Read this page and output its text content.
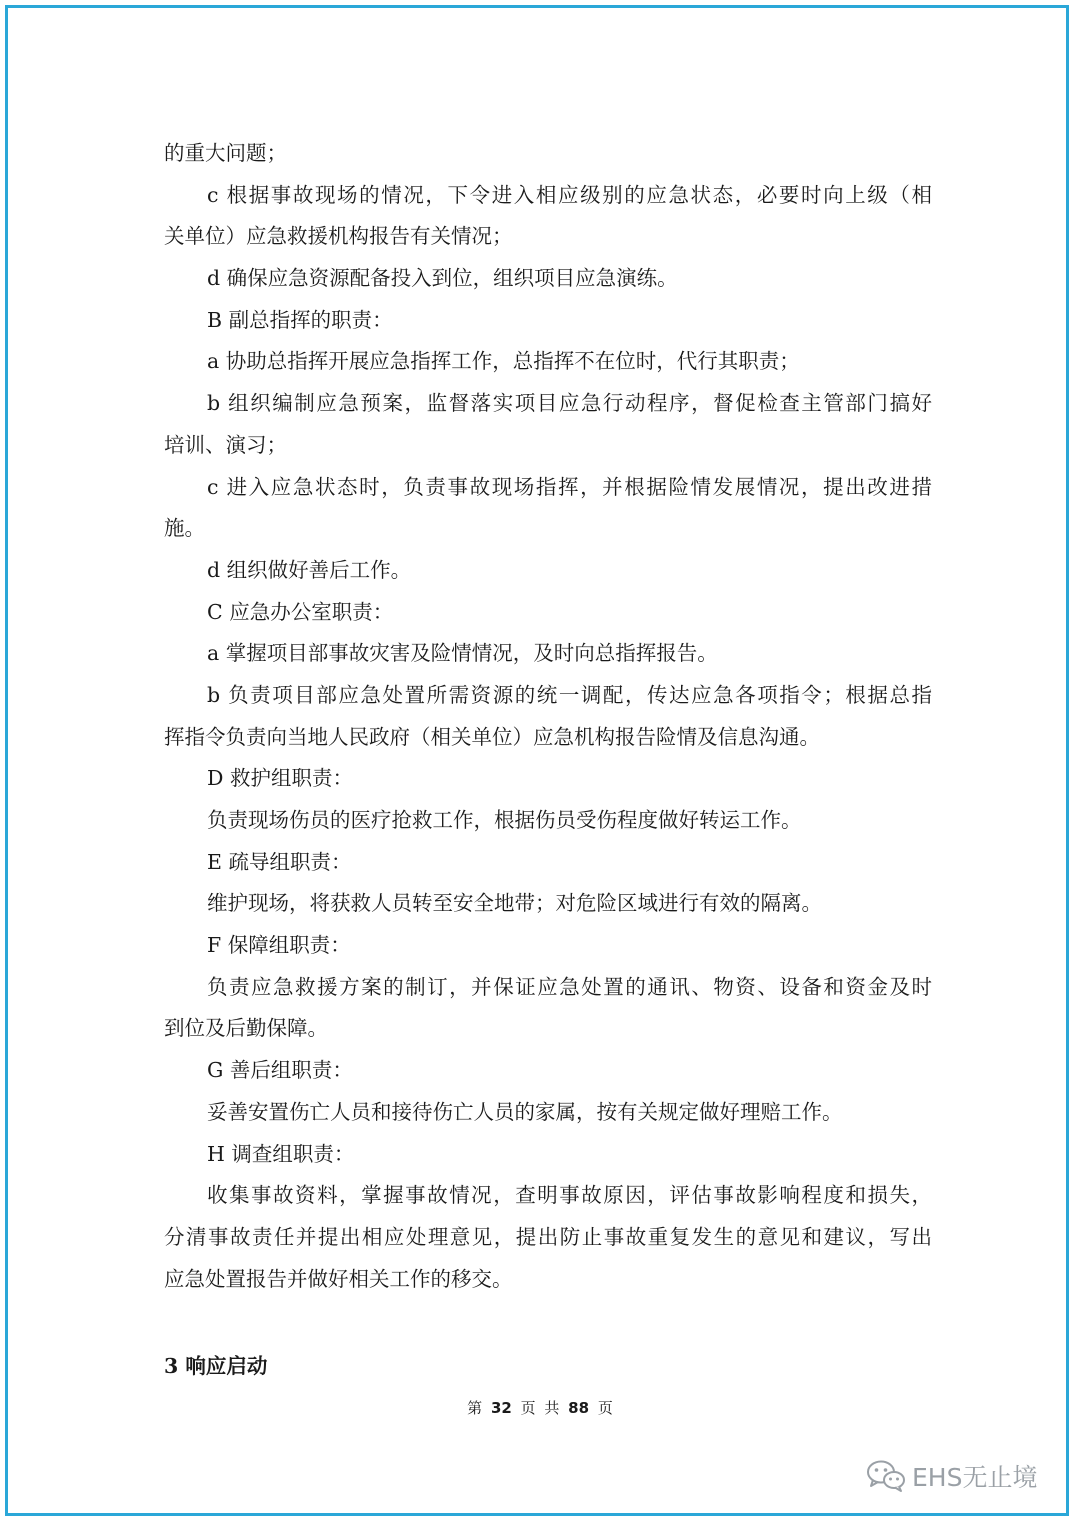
的重大问题；
c 根据事故现场的情况，下令进入相应级别的应急状态，必要时向上级（相
关单位）应急救援机构报告有关情况；
d 确保应急资源配备投入到位，组织项目应急演练。
B 副总指挥的职责：
a 协助总指挥开展应急指挥工作，总指挥不在位时，代行其职责；
b 组织编制应急预案，监督落实项目应急行动程序，督促检查主管部门搞好
培训、演习；
c 进入应急状态时，负责事故现场指挥，并根据险情发展情况，提出改进措
施。
d 组织做好善后工作。
C 应急办公室职责：
a 掌握项目部事故灾害及险情情况，及时向总指挥报告。
b 负责项目部应急处置所需资源的统一调配，传达应急各项指令；根据总指
挥指令负责向当地人民政府（相关单位）应急机构报告险情及信息沟通。
D 救护组职责：
负责现场伤员的医疗抢救工作，根据伤员受伤程度做好转运工作。
E 疏导组职责：
维护现场，将获救人员转至安全地带；对危险区域进行有效的隔离。
F 保障组职责：
负责应急救援方案的制订，并保证应急处置的通讯、物资、设备和资金及时
到位及后勤保障。
G 善后组职责：
妥善安置伤亡人员和接待伤亡人员的家属，按有关规定做好理赔工作。
H 调查组职责：
收集事故资料，掌握事故情况，查明事故原因，评估事故影响程度和损失，
分清事故责任并提出相应处理意见，提出防止事故重复发生的意见和建议，写出
应急处置报告并做好相关工作的移交。
3 响应启动
第 32 页 共 88 页
EHS无止境
